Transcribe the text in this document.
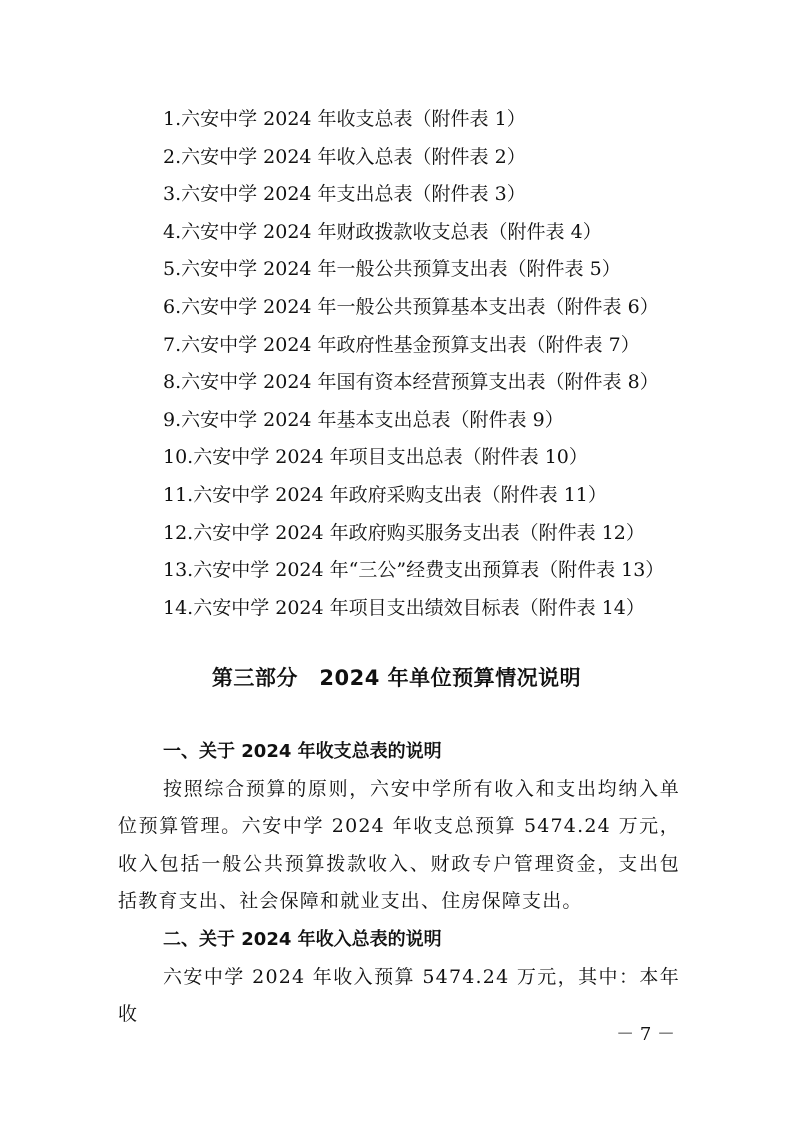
1.六安中学 2024 年收支总表（附件表 1）
2.六安中学 2024 年收入总表（附件表 2）
3.六安中学 2024 年支出总表（附件表 3）
4.六安中学 2024 年财政拨款收支总表（附件表 4）
5.六安中学 2024 年一般公共预算支出表（附件表 5）
6.六安中学 2024 年一般公共预算基本支出表（附件表 6）
7.六安中学 2024 年政府性基金预算支出表（附件表 7）
8.六安中学 2024 年国有资本经营预算支出表（附件表 8）
9.六安中学 2024 年基本支出总表（附件表 9）
10.六安中学 2024 年项目支出总表（附件表 10）
11.六安中学 2024 年政府采购支出表（附件表 11）
12.六安中学 2024 年政府购买服务支出表（附件表 12）
13.六安中学 2024 年“三公”经费支出预算表（附件表 13）
14.六安中学 2024 年项目支出绩效目标表（附件表 14）
第三部分　2024 年单位预算情况说明
一、关于 2024 年收支总表的说明
按照综合预算的原则，六安中学所有收入和支出均纳入单位预算管理。六安中学 2024 年收支总预算 5474.24 万元，收入包括一般公共预算拨款收入、财政专户管理资金，支出包括教育支出、社会保障和就业支出、住房保障支出。
二、关于 2024 年收入总表的说明
六安中学 2024 年收入预算 5474.24 万元，其中：本年收
－ 7 －
